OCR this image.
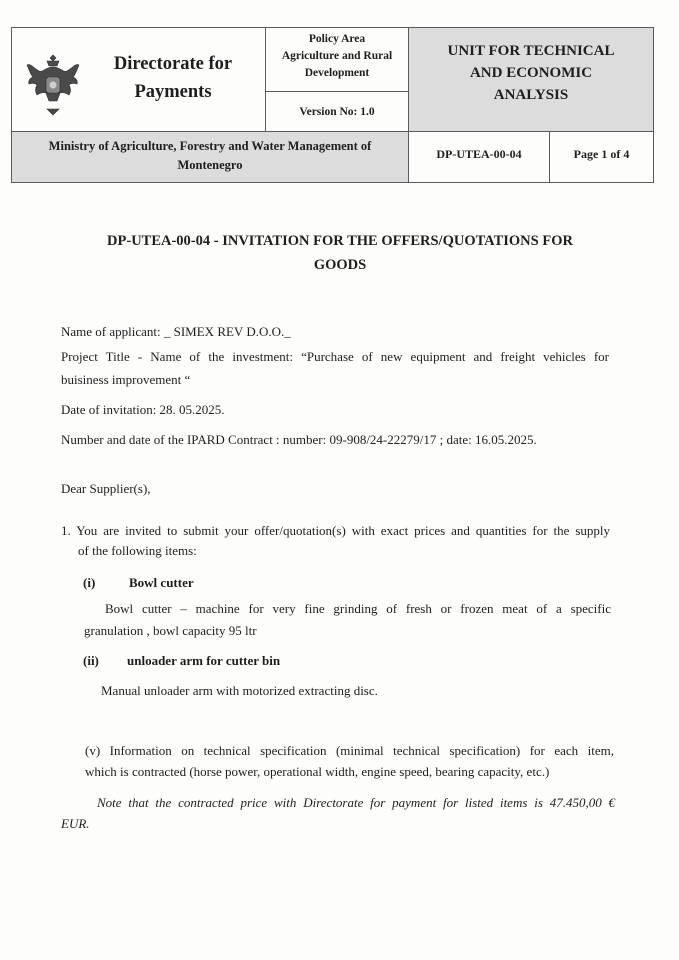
Directorate for Payments
Policy Area
Agriculture and Rural
Development
Version No: 1.0
UNIT FOR TECHNICAL
AND ECONOMIC
ANALYSIS
Ministry of Agriculture, Forestry and Water Management of
Montenegro
DP-UTEA-00-04	Page 1 of 4
DP-UTEA-00-04 - INVITATION FOR THE OFFERS/QUOTATIONS FOR
GOODS
Name of applicant: _ SIMEX REV D.O.O._
Project Title - Name of the investment: “Purchase of new equipment and freight vehicles for
buisiness improvement “
Date of invitation: 28. 05.2025.
Number and date of the IPARD Contract : number: 09-908/24-22279/17 ; date: 16.05.2025.
Dear Supplier(s),
1. You are invited to submit your offer/quotation(s) with exact prices and quantities for the supply
of the following items:
(i)	Bowl cutter
Bowl cutter – machine for very fine grinding of fresh or frozen meat of a specific
granulation , bowl capacity 95 ltr
(ii) unloader arm for cutter bin
Manual unloader arm with motorized extracting disc.
(v) Information on technical specification (minimal technical specification) for each item,
which is contracted (horse power, operational width, engine speed, bearing capacity, etc.)
Note that the contracted price with Directorate for payment for listed items is 47.450,00 €
EUR.
